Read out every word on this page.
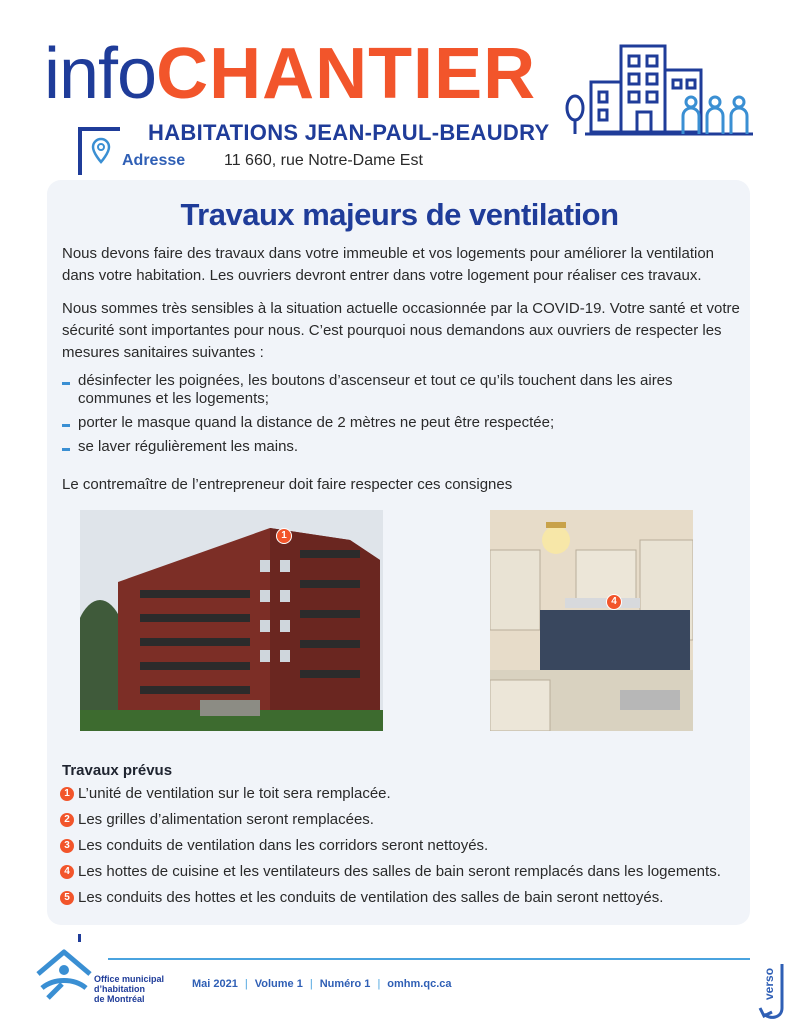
infoCHANTIER
HABITATIONS JEAN-PAUL-BEAUDRY
Adresse 11 660, rue Notre-Dame Est
Travaux majeurs de ventilation
Nous devons faire des travaux dans votre immeuble et vos logements pour améliorer la ventilation dans votre habitation. Les ouvriers devront entrer dans votre logement pour réaliser ces travaux.
Nous sommes très sensibles à la situation actuelle occasionnée par la COVID-19. Votre santé et votre sécurité sont importantes pour nous. C’est pourquoi nous demandons aux ouvriers de respecter les mesures sanitaires suivantes :
désinfecter les poignées, les boutons d’ascenseur et tout ce qu’ils touchent dans les aires communes et les logements;
porter le masque quand la distance de 2 mètres ne peut être respectée;
se laver régulièrement les mains.
Le contremaître de l’entrepreneur doit faire respecter ces consignes
1
4
Travaux prévus
1 L’unité de ventilation sur le toit sera remplacée.
2 Les grilles d’alimentation seront remplacées.
3 Les conduits de ventilation dans les corridors seront nettoyés.
4 Les hottes de cuisine et les ventilateurs des salles de bain seront remplacés dans les logements.
5 Les conduits des hottes et les conduits de ventilation des salles de bain seront nettoyés.
Office municipal
d’habitation
de Montréal
Mai 2021 | Volume 1 | Numéro 1 | omhm.qc.ca	verso
